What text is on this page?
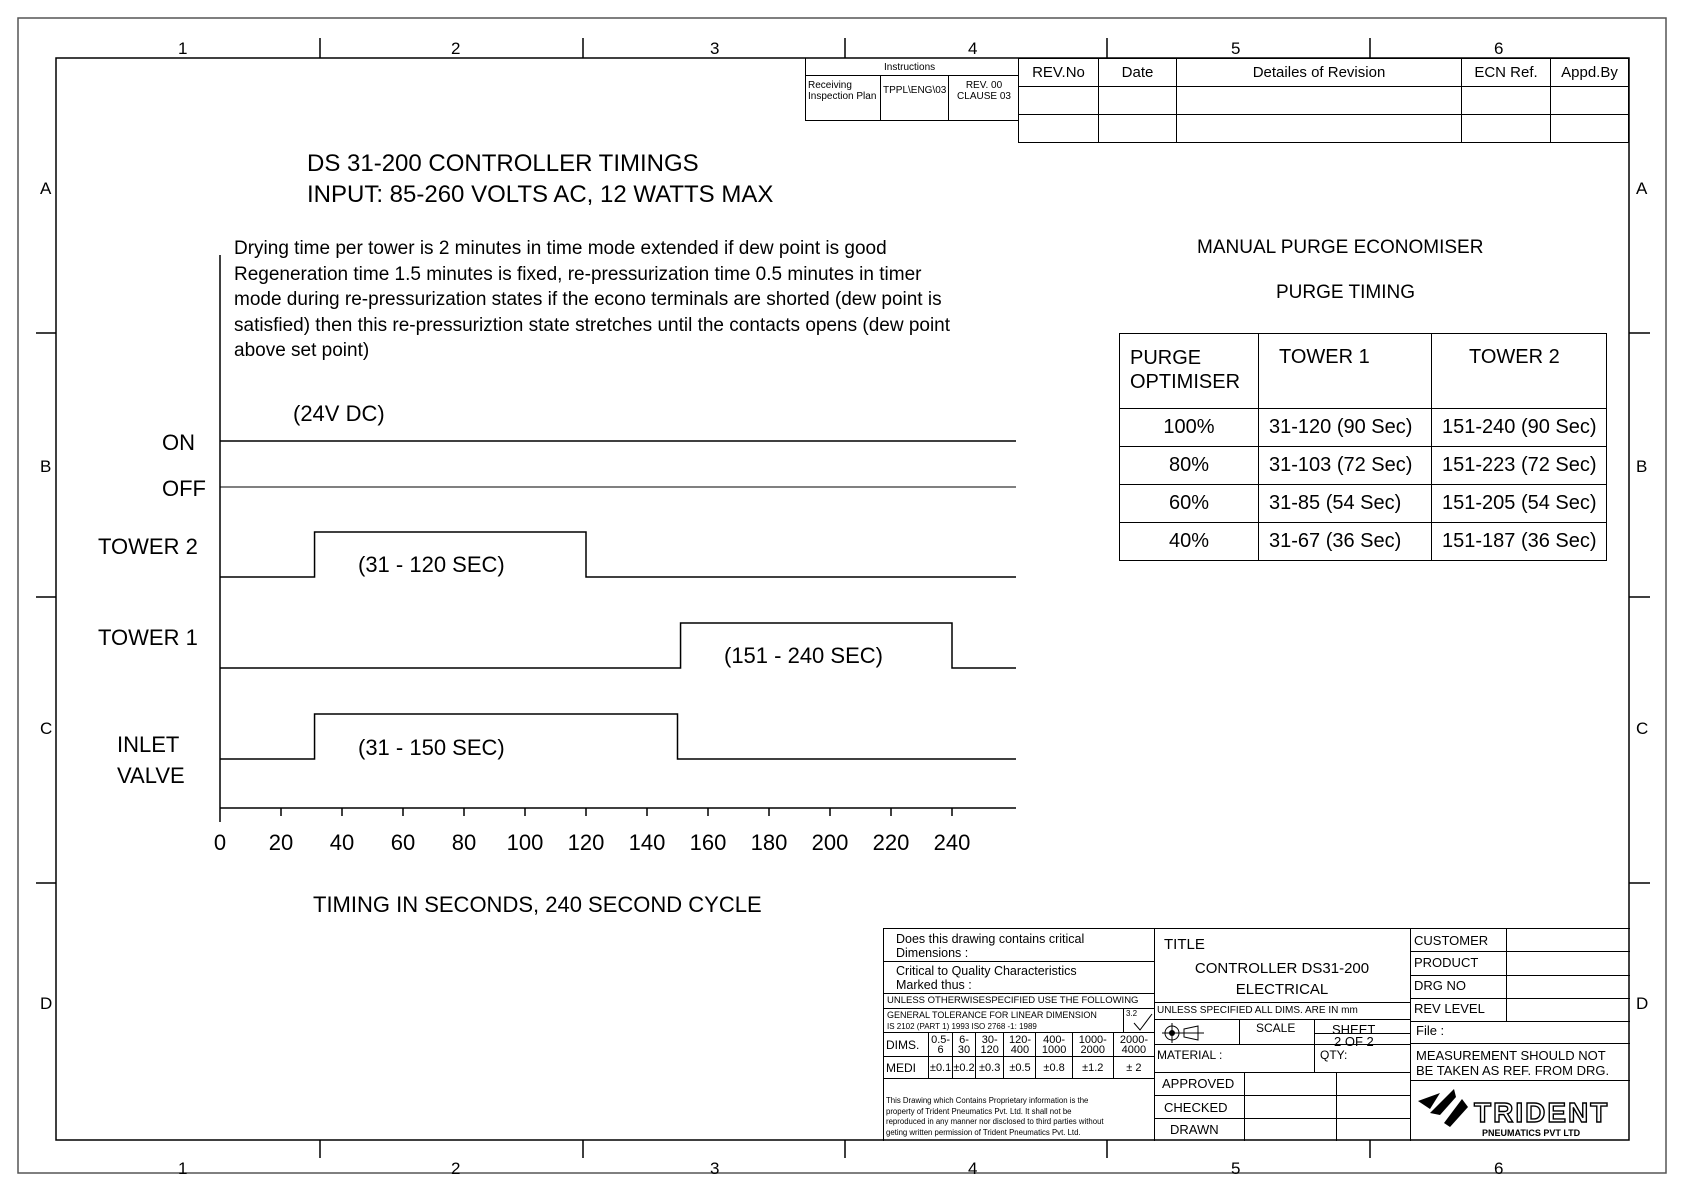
1	2	3	4	5	6
1	2	3	4	5	6
A
B
C
D
A
B
C
D
Instructions
Receiving Inspection Plan
TPPL\ENG\03	REV. 00 CLAUSE 03
REV.No	Date	Detailes of Revision	ECN Ref.	Appd.By

DS 31-200 CONTROLLER TIMINGS
INPUT: 85-260 VOLTS AC, 12 WATTS MAX
Drying time per tower is 2 minutes in time mode extended if dew point is good
Regeneration time 1.5 minutes is fixed, re-pressurization time 0.5 minutes in timer
mode during re-pressurization states if the econo terminals are shorted (dew point is
satisfied) then this re-pressuriztion state stretches until the contacts opens (dew point
above set point)
(24V DC)
ON
OFF
TOWER 2
(31 - 120 SEC)
TOWER 1
(151 - 240 SEC)
INLET
VALVE
(31 - 150 SEC)
0	20	40	60	80	100	120	140	160	180	200	220	240
TIMING IN SECONDS, 240 SECOND CYCLE
MANUAL PURGE ECONOMISER
PURGE TIMING
PURGE
OPTIMISER	TOWER 1	TOWER 2
100%	31-120 (90 Sec)	151-240 (90 Sec)
80%	31-103 (72 Sec)	151-223 (72 Sec)
60%	31-85 (54 Sec)	151-205 (54 Sec)
40%	31-67 (36 Sec)	151-187 (36 Sec)
Does this drawing contains critical
Dimensions :
Critical to Quality Characteristics
Marked thus :
UNLESS OTHERWISESPECIFIED USE THE FOLLOWING
GENERAL TOLERANCE FOR LINEAR DIMENSION
IS 2102 (PART 1) 1993 ISO 2768 -1: 1989
3.2
DIMS.	0.5-6	6-30	30-120	120-400	400-1000	1000-2000	2000-4000
MEDI	±0.1	±0.2	±0.3	±0.5	±0.8	±1.2	± 2
This Drawing which Contains Proprietary information is the
property of Trident Pneumatics Pvt. Ltd. It shall not be
reproduced in any manner nor disclosed to third parties without
geting written permission of Trident Pneumatics Pvt. Ltd.
TITLE
CONTROLLER DS31-200
ELECTRICAL
UNLESS SPECIFIED ALL DIMS. ARE IN mm
SCALE	SHEET
2 OF 2
MATERIAL :	QTY:
APPROVED
CHECKED
DRAWN
CUSTOMER
PRODUCT
DRG NO
REV LEVEL
File :
MEASUREMENT SHOULD NOT
BE TAKEN AS REF. FROM DRG.
TRIDENT
PNEUMATICS PVT LTD
